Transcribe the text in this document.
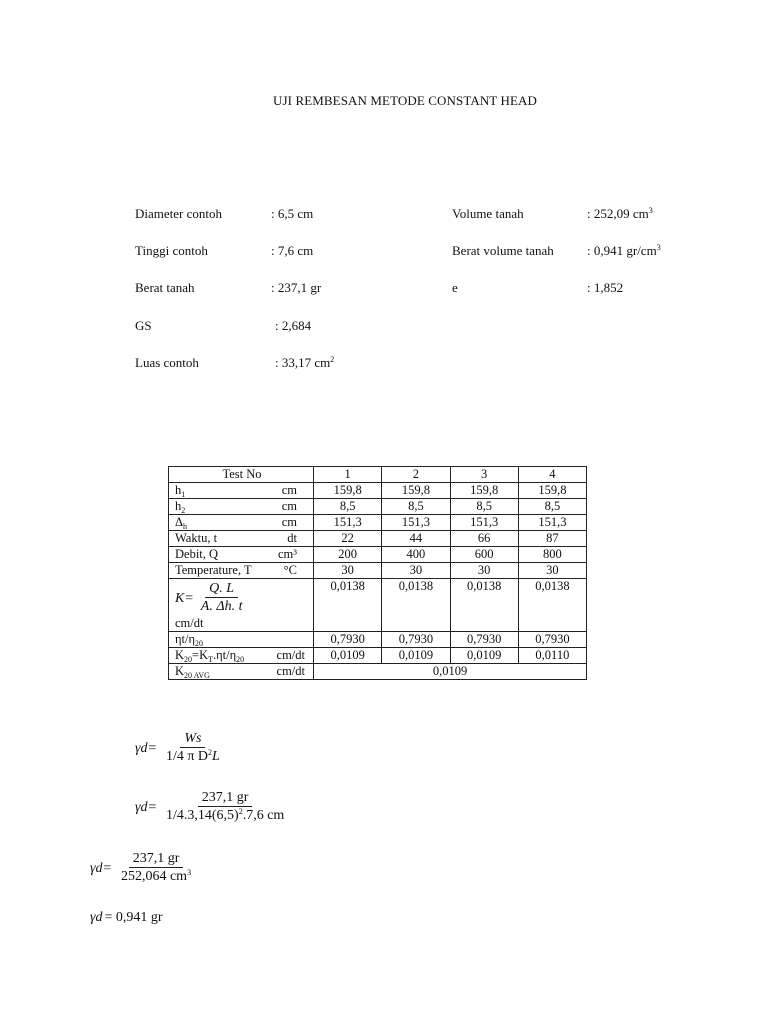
UJI REMBESAN METODE CONSTANT HEAD
Diameter contoh	: 6,5 cm
Tinggi contoh	: 7,6 cm
Berat tanah	: 237,1 gr
GS	: 2,684
Luas contoh	: 33,17 $cm^2$
Volume tanah	: 252,09 $cm^3$
Berat volume tanah	: 0,941 $gr/cm^3$
e	: 1,852
Test No	1	2	3	4
$h_1$ cm	159,8	159,8	159,8	159,8
$h_2$ cm	8,5	8,5	8,5	8,5
$\Delta_h$ cm	151,3	151,3	151,3	151,3
Waktu, t dt	22	44	66	87
Debit, Q cm³	200	400	600	800
Temperature, T °C	30	30	30	30

$K= \frac{Q. L}{A. \Delta h. t}$
cm/dt	0,0138	0,0138	0,0138	0,0138
$\eta t/\eta_{20}$	0,7930	0,7930	0,7930	0,7930
$K_{20}=K_T.\eta t/\eta_{20}$ cm/dt	0,0109	0,0109	0,0109	0,0110
$K_{20 AVG}$ cm/dt	0,0109			
$\gamma d= \frac{Ws}{1/4 \pi D^2L}$
$\gamma d= \frac{237,1 gr}{1/4.3,14(6,5)^2.7,6 cm}$
$\gamma d= \frac{237,1 gr}{252,064 cm^3}$
γd = 0,941 gr
